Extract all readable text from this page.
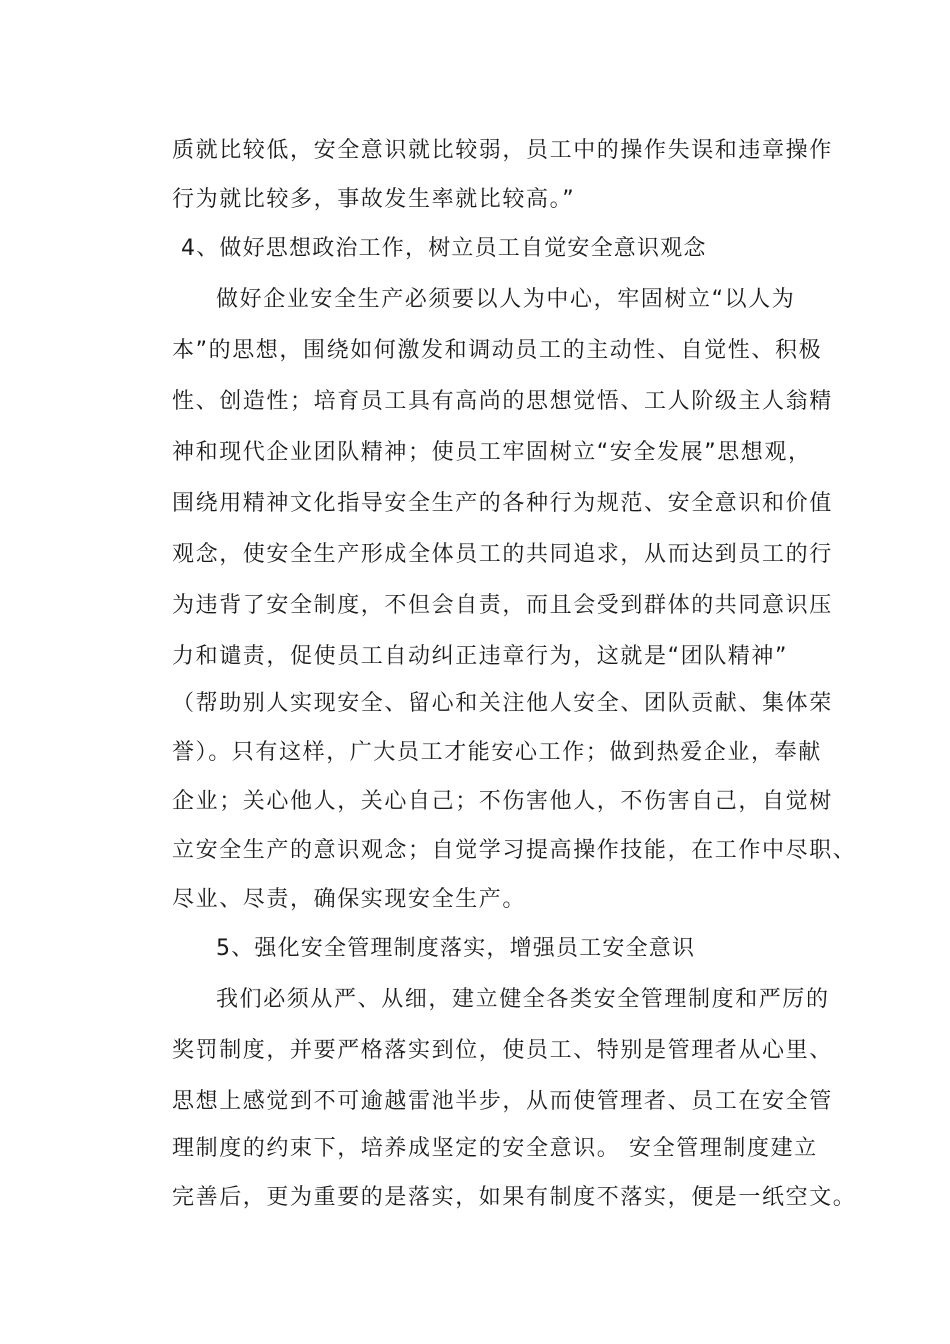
质就比较低，安全意识就比较弱，员工中的操作失误和违章操作
行为就比较多，事故发生率就比较高。”
4、做好思想政治工作，树立员工自觉安全意识观念
做好企业安全生产必须要以人为中心，牢固树立“以人为
本”的思想，围绕如何激发和调动员工的主动性、自觉性、积极
性、创造性；培育员工具有高尚的思想觉悟、工人阶级主人翁精
神和现代企业团队精神；使员工牢固树立“安全发展”思想观，
围绕用精神文化指导安全生产的各种行为规范、安全意识和价值
观念，使安全生产形成全体员工的共同追求，从而达到员工的行
为违背了安全制度，不但会自责，而且会受到群体的共同意识压
力和谴责，促使员工自动纠正违章行为，这就是“团队精神”
（帮助别人实现安全、留心和关注他人安全、团队贡献、集体荣
誉）。只有这样，广大员工才能安心工作；做到热爱企业，奉献
企业；关心他人，关心自己；不伤害他人，不伤害自己，自觉树
立安全生产的意识观念；自觉学习提高操作技能，在工作中尽职、
尽业、尽责，确保实现安全生产。
5、强化安全管理制度落实，增强员工安全意识
我们必须从严、从细，建立健全各类安全管理制度和严厉的
奖罚制度，并要严格落实到位，使员工、特别是管理者从心里、
思想上感觉到不可逾越雷池半步，从而使管理者、员工在安全管
理制度的约束下，培养成坚定的安全意识。 安全管理制度建立
完善后，更为重要的是落实，如果有制度不落实，便是一纸空文。
